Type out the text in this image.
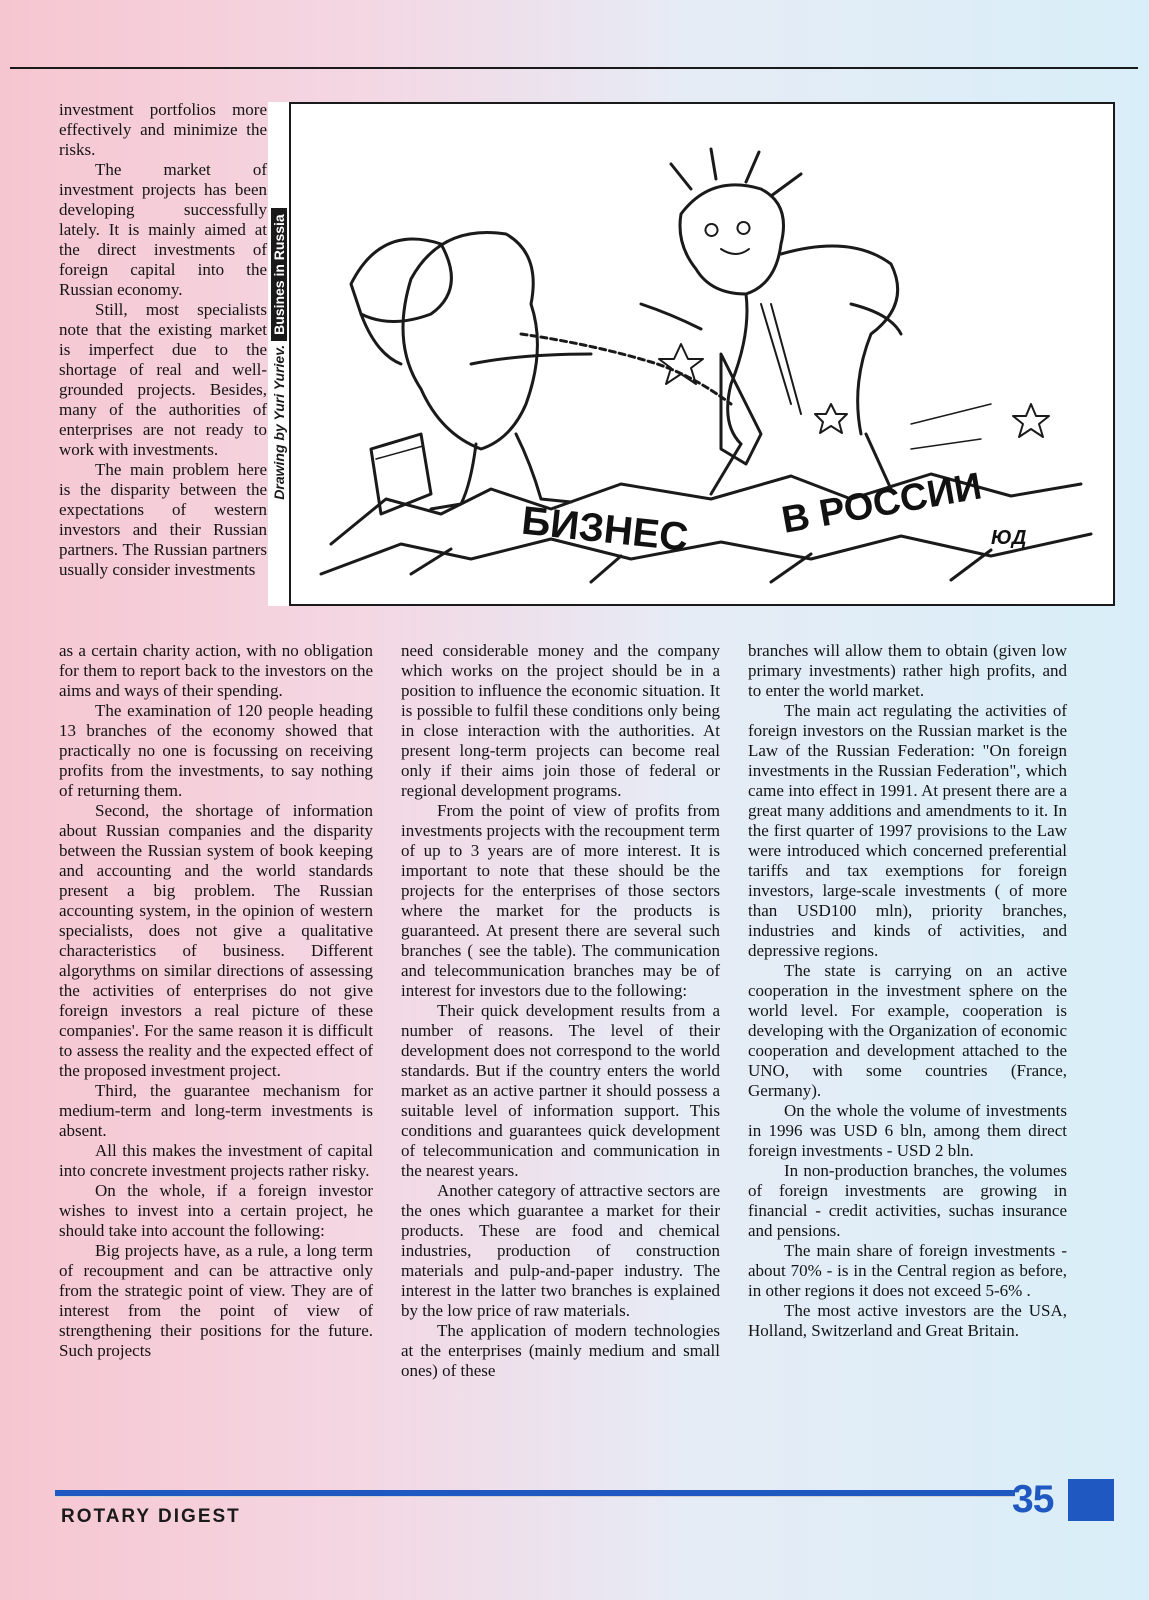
investment portfolios more effectively and minimize the risks.

The market of investment projects has been developing successfully lately. It is mainly aimed at the direct investments of foreign capital into the Russian economy.

Still, most specialists note that the existing market is imperfect due to the shortage of real and well-grounded projects. Besides, many of the authorities of enterprises are not ready to work with investments.

The main problem here is the disparity between the expectations of western investors and their Russian partners. The Russian partners usually consider investments

Drawing by Yuri Yuriev.Busines in Russia
БИЗНЕС В РОССИИ ЮД

as a certain charity action, with no obligation for them to report back to the investors on the aims and ways of their spending.

The examination of 120 people heading 13 branches of the economy showed that practically no one is focussing on receiving profits from the investments, to say nothing of returning them.

Second, the shortage of information about Russian companies and the disparity between the Russian system of book keeping and accounting and the world standards present a big problem. The Russian accounting system, in the opinion of western specialists, does not give a qualitative characteristics of business. Different algorythms on similar directions of assessing the activities of enterprises do not give foreign investors a real picture of these companies'. For the same reason it is difficult to assess the reality and the expected effect of the proposed investment project.

Third, the guarantee mechanism for medium-term and long-term investments is absent.

All this makes the investment of capital into concrete investment projects rather risky.

On the whole, if a foreign investor wishes to invest into a certain project, he should take into account the following:

Big projects have, as a rule, a long term of recoupment and can be attractive only from the strategic point of view. They are of interest from the point of view of strengthening their positions for the future. Such projects

need considerable money and the company which works on the project should be in a position to influence the economic situation. It is possible to fulfil these conditions only being in close interaction with the authorities. At present long-term projects can become real only if their aims join those of federal or regional development programs.

From the point of view of profits from investments projects with the recoupment term of up to 3 years are of more interest. It is important to note that these should be the projects for the enterprises of those sectors where the market for the products is guaranteed. At present there are several such branches ( see the table). The communication and telecommunication branches may be of interest for investors due to the following:

Their quick development results from a number of reasons. The level of their development does not correspond to the world standards. But if the country enters the world market as an active partner it should possess a suitable level of information support. This conditions and guarantees quick development of telecommunication and communication in the nearest years.

Another category of attractive sectors are the ones which guarantee a market for their products. These are food and chemical industries, production of construction materials and pulp-and-paper industry. The interest in the latter two branches is explained by the low price of raw materials.

The application of modern technologies at the enterprises (mainly medium and small ones) of these

branches will allow them to obtain (given low primary investments) rather high profits, and to enter the world market.

The main act regulating the activities of foreign investors on the Russian market is the Law of the Russian Federation: "On foreign investments in the Russian Federation", which came into effect in 1991. At present there are a great many additions and amendments to it. In the first quarter of 1997 provisions to the Law were introduced which concerned preferential tariffs and tax exemptions for foreign investors, large-scale investments ( of more than USD100 mln), priority branches, industries and kinds of activities, and depressive regions.

The state is carrying on an active cooperation in the investment sphere on the world level. For example, cooperation is developing with the Organization of economic cooperation and development attached to the UNO, with some countries (France, Germany).

On the whole the volume of investments in 1996 was USD 6 bln, among them direct foreign investments - USD 2 bln.

In non-production branches, the volumes of foreign investments are growing in financial - credit activities, suchas insurance and pensions.

The main share of foreign investments - about 70% - is in the Central region as before, in other regions it does not exceed 5-6% .

The most active investors are the USA, Holland, Switzerland and Great Britain.

ROTARY DIGEST	35
